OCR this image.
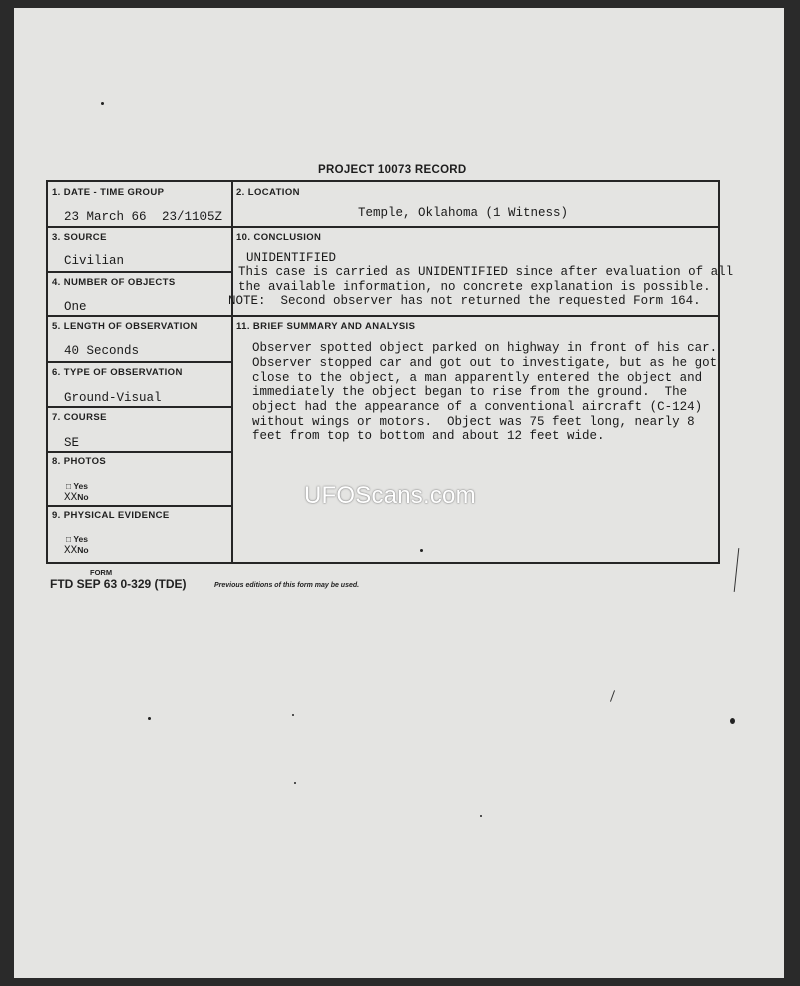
PROJECT 10073 RECORD
1. DATE - TIME GROUP
23 March 66 23/1105Z
2. LOCATION
Temple, Oklahoma (1 Witness)
3. SOURCE
Civilian
4. NUMBER OF OBJECTS
One
5. LENGTH OF OBSERVATION
40 Seconds
6. TYPE OF OBSERVATION
Ground-Visual
7. COURSE
SE
8. PHOTOS
□ Yes
XXNo
9. PHYSICAL EVIDENCE
□ Yes
XXNo
10. CONCLUSION
UNIDENTIFIED
This case is carried as UNIDENTIFIED since after evaluation of all
the available information, no concrete explanation is possible.
NOTE:  Second observer has not returned the requested Form 164.
11. BRIEF SUMMARY AND ANALYSIS
Observer spotted object parked on highway in front of his car.
Observer stopped car and got out to investigate, but as he got
close to the object, a man apparently entered the object and
immediately the object began to rise from the ground.  The
object had the appearance of a conventional aircraft (C-124)
without wings or motors.  Object was 75 feet long, nearly 8
feet from top to bottom and about 12 feet wide.
FORM
FTD SEP 63 0-329 (TDE)	Previous editions of this form may be used.
UFOScans.com
